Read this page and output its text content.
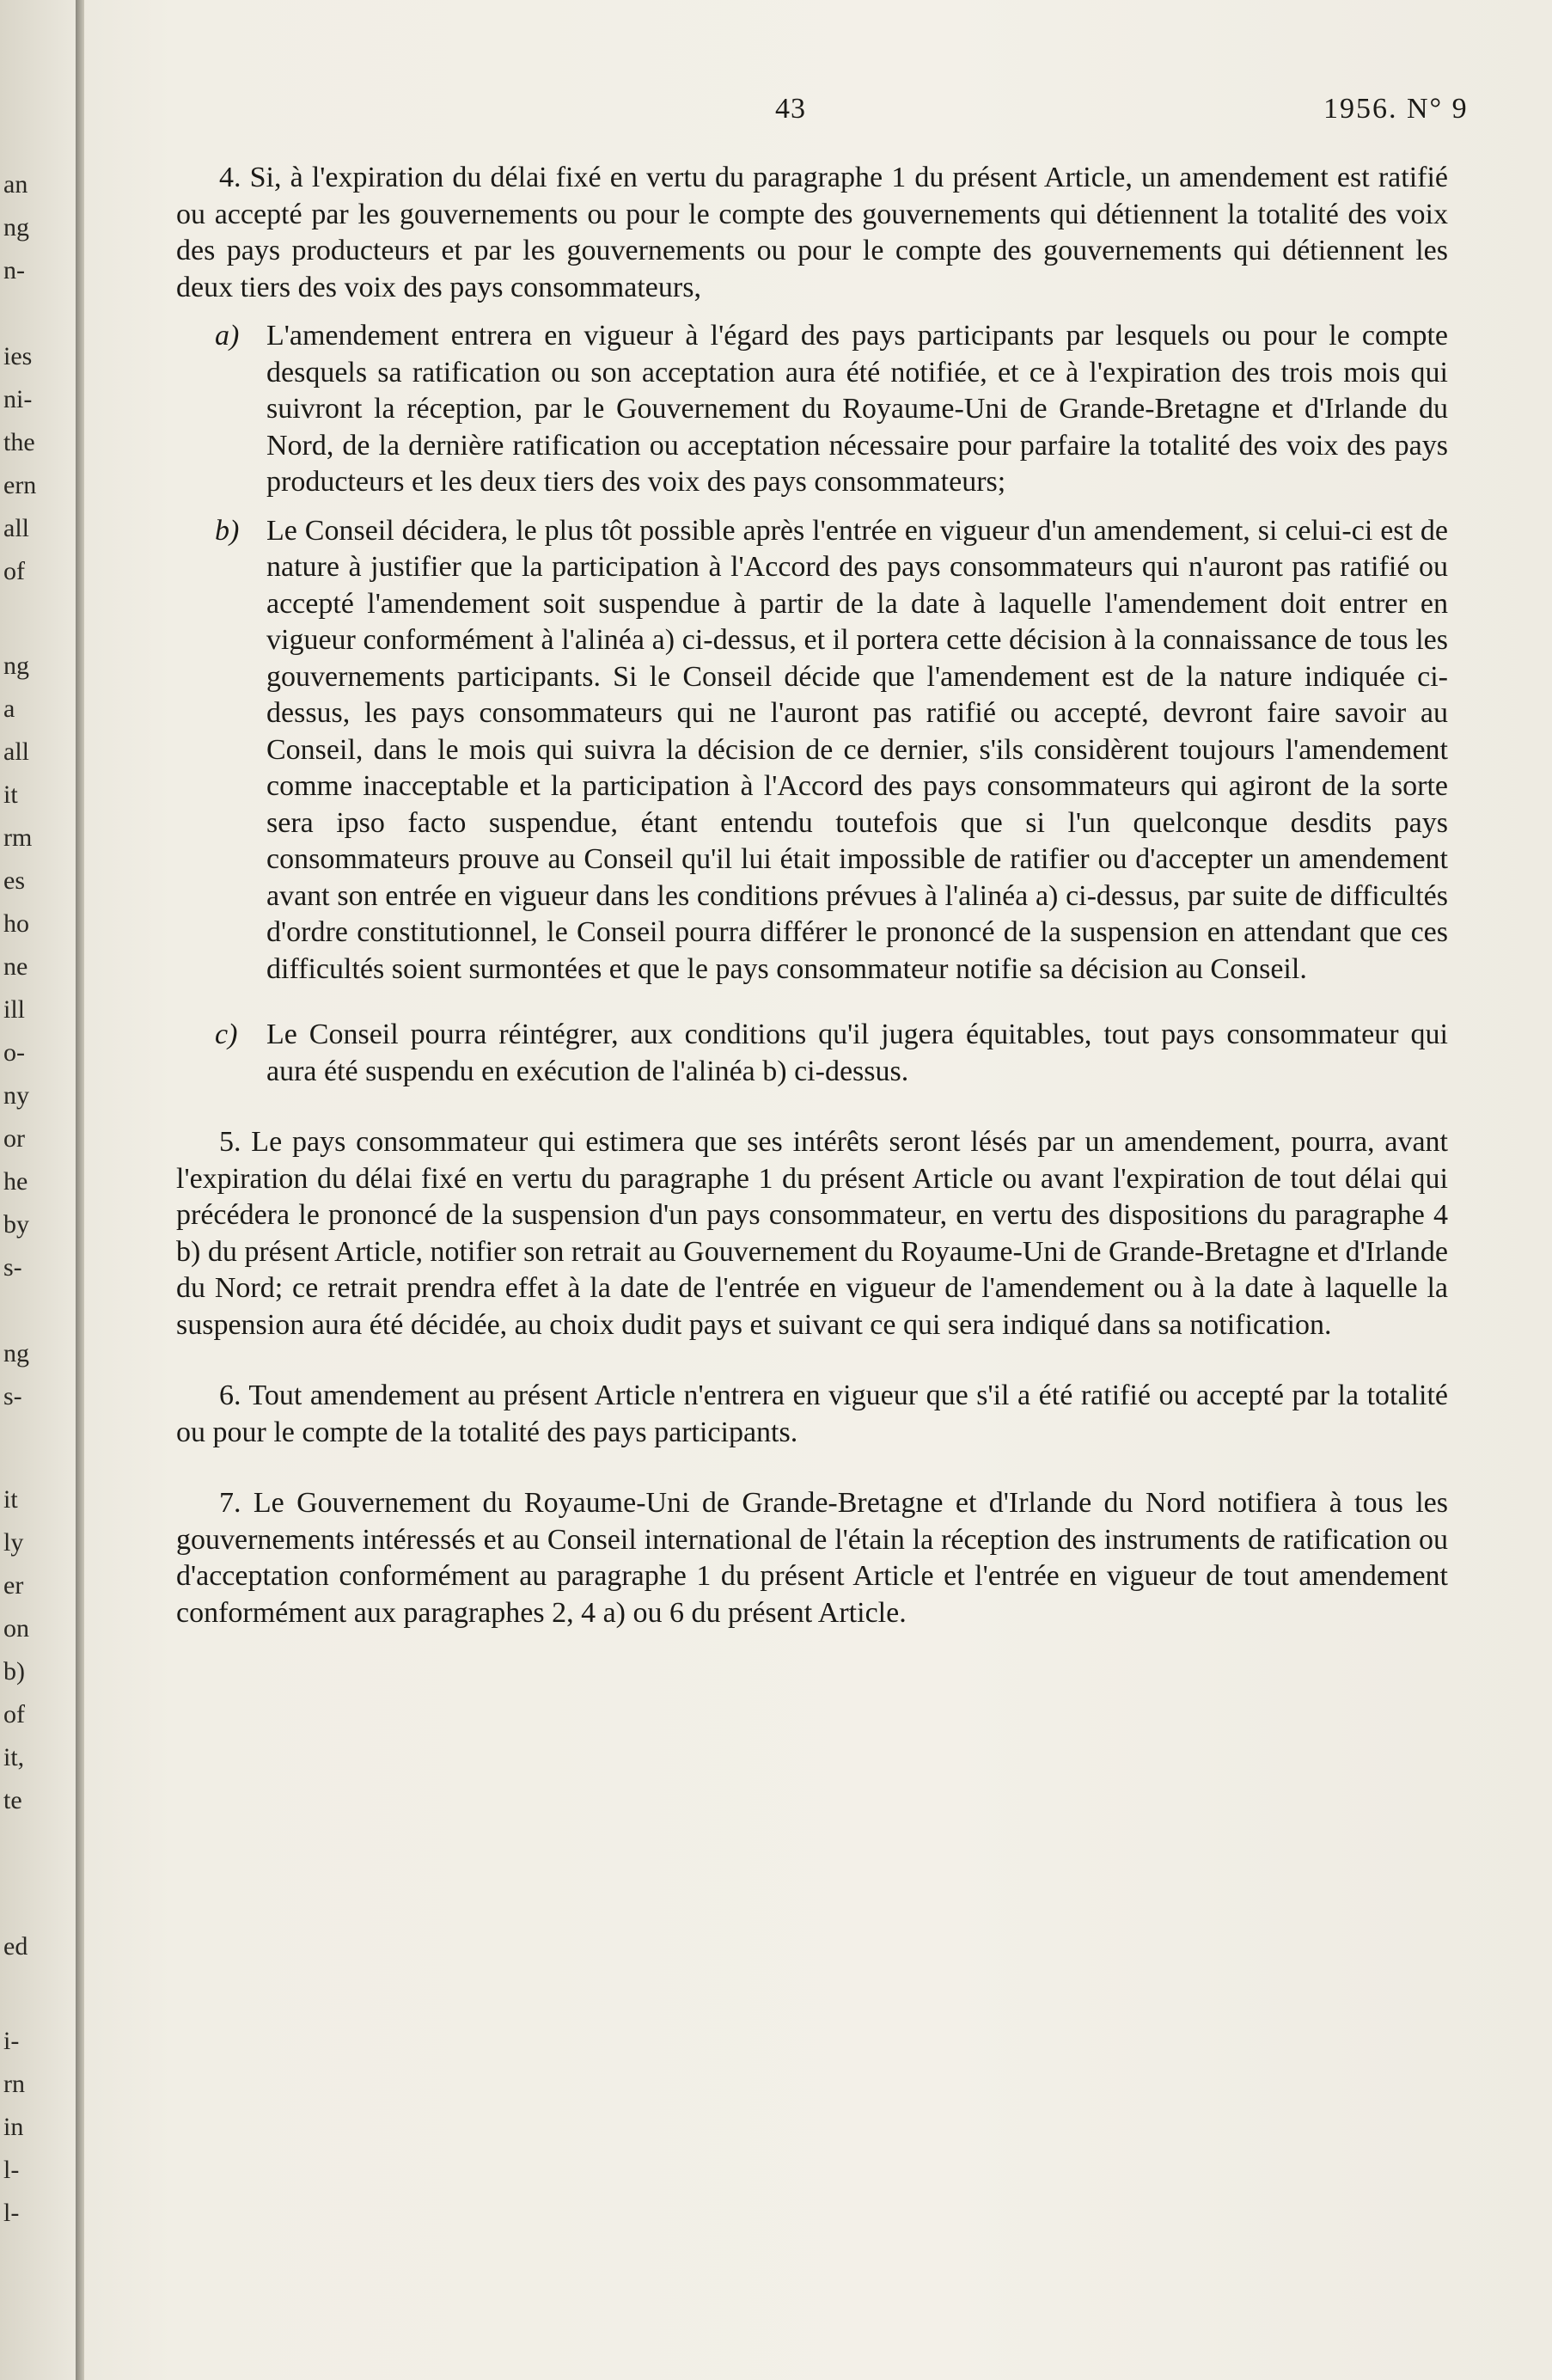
an
ng
n-
ies
ni-
the
ern
all
of
ng
a
all
it
rm
es
ho
ne
ill
o-
ny
or
he
by
s-
ng
s-
it
ly
er
on
b)
of
it,
te
ed
i-
rn
in
l-
l-
43	1956. N° 9

4. Si, à l'expiration du délai fixé en vertu du paragraphe 1 du présent Article, un amendement est ratifié ou accepté par les gouvernements ou pour le compte des gouvernements qui détiennent la totalité des voix des pays producteurs et par les gouvernements ou pour le compte des gouvernements qui détiennent les deux tiers des voix des pays consommateurs,

a) L'amendement entrera en vigueur à l'égard des pays participants par lesquels ou pour le compte desquels sa ratification ou son acceptation aura été notifiée, et ce à l'expiration des trois mois qui suivront la réception, par le Gouvernement du Royaume-Uni de Grande-Bretagne et d'Irlande du Nord, de la dernière ratification ou acceptation nécessaire pour parfaire la totalité des voix des pays producteurs et les deux tiers des voix des pays consommateurs;
b) Le Conseil décidera, le plus tôt possible après l'entrée en vigueur d'un amendement, si celui-ci est de nature à justifier que la participation à l'Accord des pays consommateurs qui n'auront pas ratifié ou accepté l'amendement soit suspendue à partir de la date à laquelle l'amendement doit entrer en vigueur conformément à l'alinéa a) ci-dessus, et il portera cette décision à la connaissance de tous les gouvernements participants. Si le Conseil décide que l'amendement est de la nature indiquée ci-dessus, les pays consommateurs qui ne l'auront pas ratifié ou accepté, devront faire savoir au Conseil, dans le mois qui suivra la décision de ce dernier, s'ils considèrent toujours l'amendement comme inacceptable et la participation à l'Accord des pays consommateurs qui agiront de la sorte sera ipso facto suspendue, étant entendu toutefois que si l'un quelconque desdits pays consommateurs prouve au Conseil qu'il lui était impossible de ratifier ou d'accepter un amendement avant son entrée en vigueur dans les conditions prévues à l'alinéa a) ci-dessus, par suite de difficultés d'ordre constitutionnel, le Conseil pourra différer le prononcé de la suspension en attendant que ces difficultés soient surmontées et que le pays consommateur notifie sa décision au Conseil.
c) Le Conseil pourra réintégrer, aux conditions qu'il jugera équitables, tout pays consommateur qui aura été suspendu en exécution de l'alinéa b) ci-dessus.

5. Le pays consommateur qui estimera que ses intérêts seront lésés par un amendement, pourra, avant l'expiration du délai fixé en vertu du paragraphe 1 du présent Article ou avant l'expiration de tout délai qui précédera le prononcé de la suspension d'un pays consommateur, en vertu des dispositions du paragraphe 4 b) du présent Article, notifier son retrait au Gouvernement du Royaume-Uni de Grande-Bretagne et d'Irlande du Nord; ce retrait prendra effet à la date de l'entrée en vigueur de l'amendement ou à la date à laquelle la suspension aura été décidée, au choix dudit pays et suivant ce qui sera indiqué dans sa notification.

6. Tout amendement au présent Article n'entrera en vigueur que s'il a été ratifié ou accepté par la totalité ou pour le compte de la totalité des pays participants.

7. Le Gouvernement du Royaume-Uni de Grande-Bretagne et d'Irlande du Nord notifiera à tous les gouvernements intéressés et au Conseil international de l'étain la réception des instruments de ratification ou d'acceptation conformément au paragraphe 1 du présent Article et l'entrée en vigueur de tout amendement conformément aux paragraphes 2, 4 a) ou 6 du présent Article.
